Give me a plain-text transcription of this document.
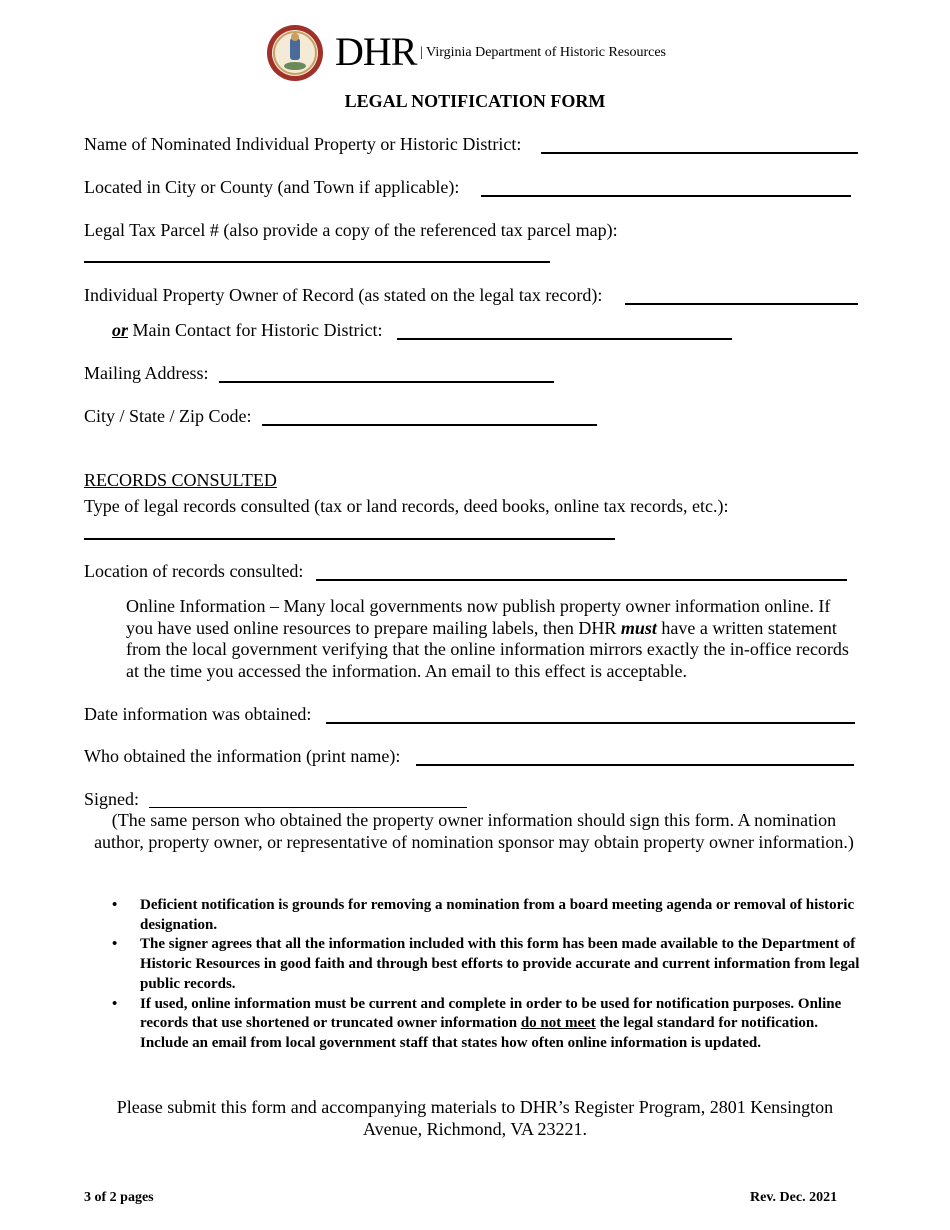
DHR | Virginia Department of Historic Resources
LEGAL NOTIFICATION FORM
Name of Nominated Individual Property or Historic District:
Located in City or County (and Town if applicable):
Legal Tax Parcel # (also provide a copy of the referenced tax parcel map):
Individual Property Owner of Record (as stated on the legal tax record):
or Main Contact for Historic District:
Mailing Address:
City / State / Zip Code:
RECORDS CONSULTED
Type of legal records consulted (tax or land records, deed books, online tax records, etc.):
Location of records consulted:
Online Information – Many local governments now publish property owner information online. If you have used online resources to prepare mailing labels, then DHR must have a written statement from the local government verifying that the online information mirrors exactly the in-office records at the time you accessed the information. An email to this effect is acceptable.
Date information was obtained:
Who obtained the information (print name):
Signed:
(The same person who obtained the property owner information should sign this form. A nomination author, property owner, or representative of nomination sponsor may obtain property owner information.)
• Deficient notification is grounds for removing a nomination from a board meeting agenda or removal of historic designation.
• The signer agrees that all the information included with this form has been made available to the Department of Historic Resources in good faith and through best efforts to provide accurate and current information from legal public records.
• If used, online information must be current and complete in order to be used for notification purposes. Online records that use shortened or truncated owner information do not meet the legal standard for notification. Include an email from local government staff that states how often online information is updated.
Please submit this form and accompanying materials to DHR’s Register Program, 2801 Kensington Avenue, Richmond, VA 23221.
3 of 2 pages	Rev. Dec. 2021
